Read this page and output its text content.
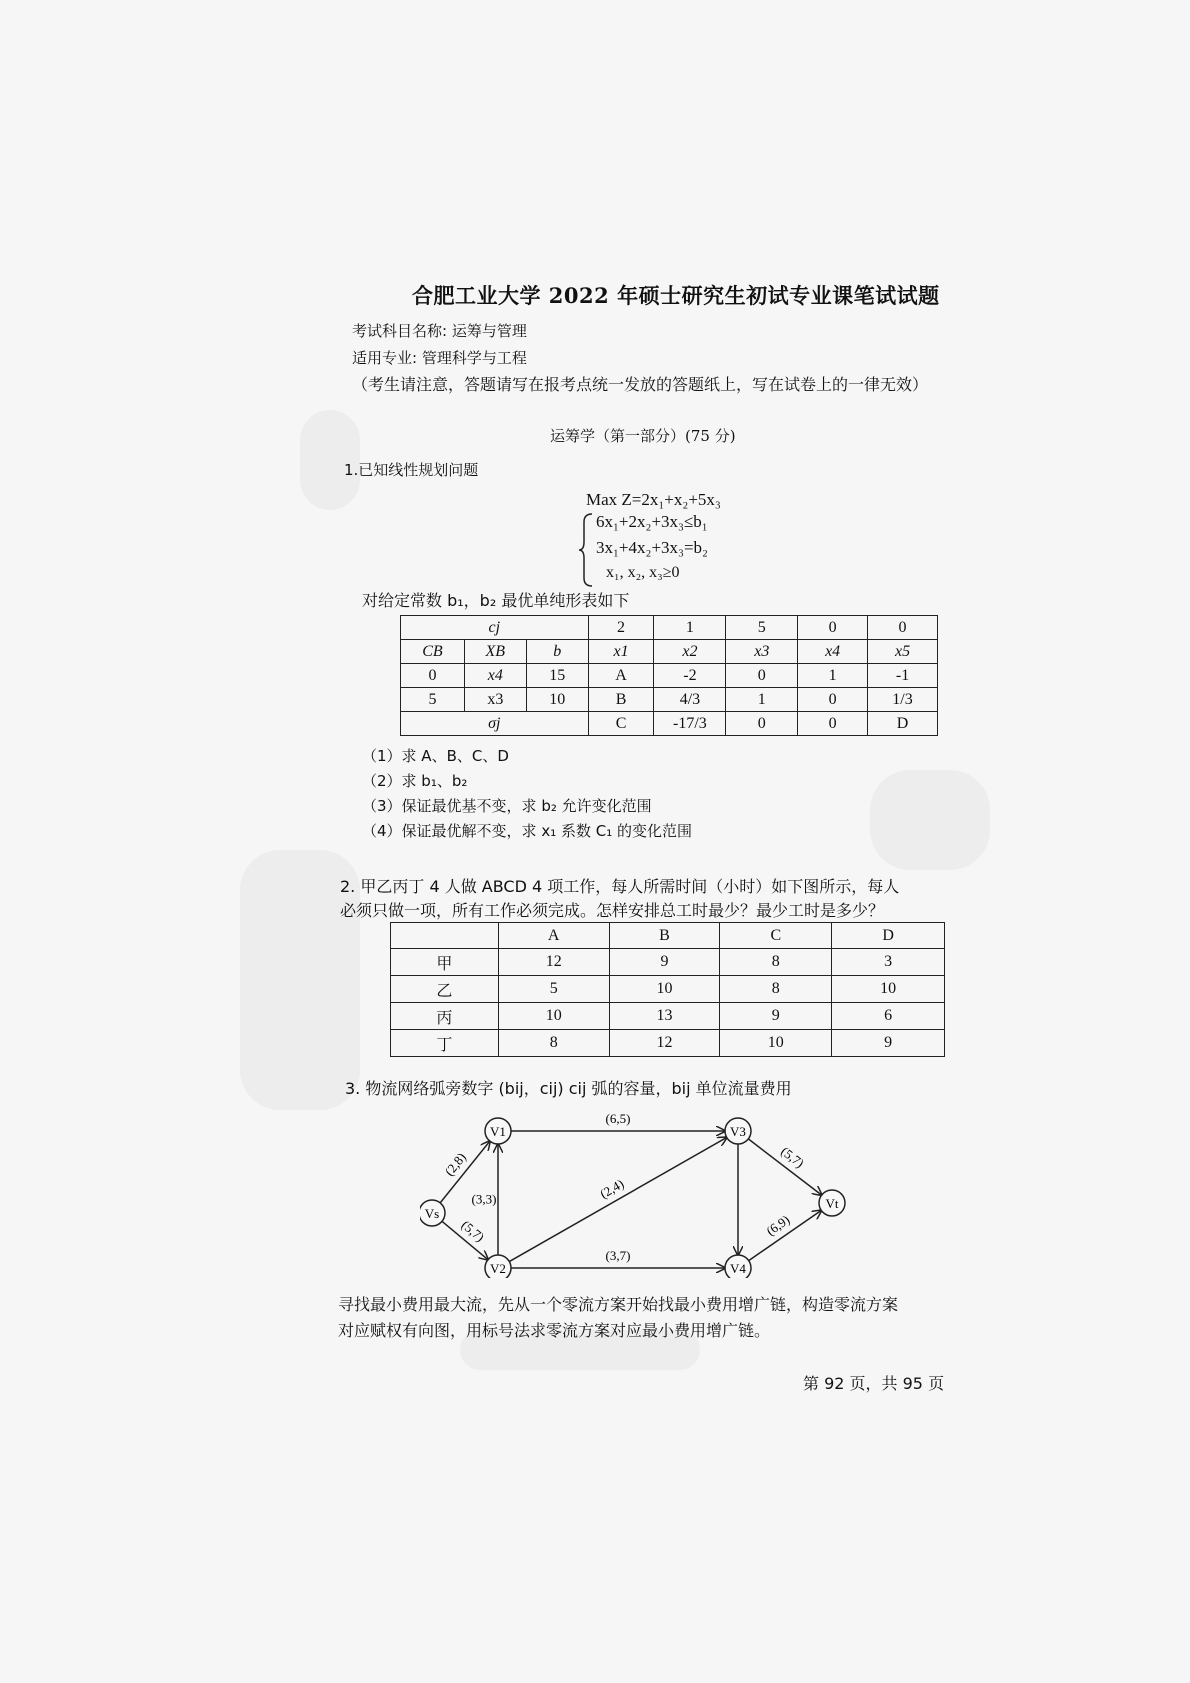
合肥工业大学 2022 年硕士研究生初试专业课笔试试题
考试科目名称: 运筹与管理
适用专业: 管理科学与工程
（考生请注意，答题请写在报考点统一发放的答题纸上，写在试卷上的一律无效）
运筹学（第一部分）(75 分)
1.已知线性规划问题
Max Z=2x₁+x₂+5x₃
6x₁+2x₂+3x₃≤b₁
3x₁+4x₂+3x₃=b₂
x₁, x₂, x₃≥0
对给定常数 b₁，b₂ 最优单纯形表如下
cj			2	1	5	0	0
CB	XB	b	x1	x2	x3	x4	x5
0	x4	15	A	-2	0	1	-1
5	x3	10	B	4/3	1	0	1/3
σj			C	-17/3	0	0	D
（1）求 A、B、C、D
（2）求 b₁、b₂
（3）保证最优基不变，求 b₂ 允许变化范围
（4）保证最优解不变，求 x₁ 系数 C₁ 的变化范围
2. 甲乙丙丁 4 人做 ABCD 4 项工作，每人所需时间（小时）如下图所示，每人
必须只做一项，所有工作必须完成。怎样安排总工时最少？最少工时是多少？
	A	B	C	D
甲	12	9	8	3
乙	5	10	8	10
丙	10	13	9	6
丁	8	12	10	9
3. 物流网络弧旁数字 (bij，cij) cij 弧的容量，bij 单位流量费用
(2,8)
(5,7)
(3,3)
(6,5)
(2,4)
(3,7)
(5,7)
(6,9)
Vs
V1
V2
V3
V4
Vt
寻找最小费用最大流，先从一个零流方案开始找最小费用增广链，构造零流方案
对应赋权有向图，用标号法求零流方案对应最小费用增广链。
第 92 页，共 95 页
